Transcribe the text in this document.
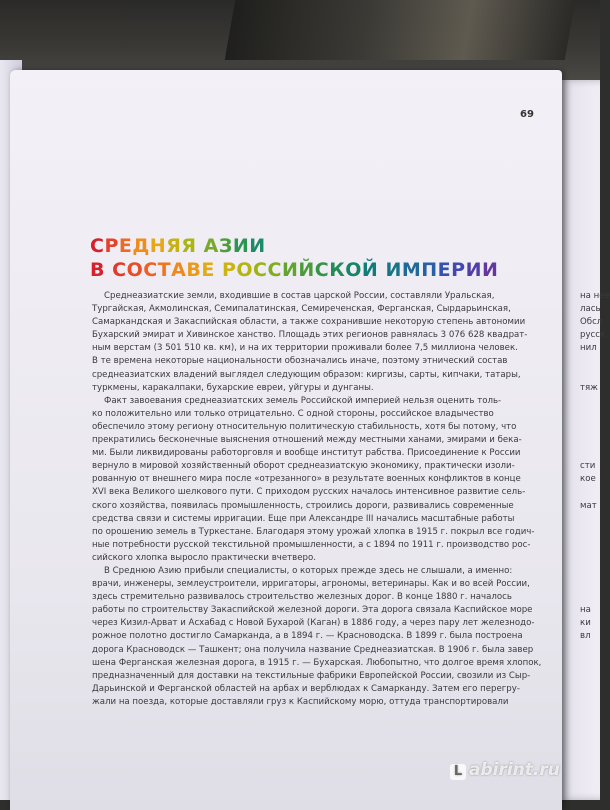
на нее
лась
Обсл
русск
нил

тяж

сти
кое

мат

на
ки
вл

69
СРЕДНЯЯ АЗИИ
В СОСТАВЕ РОССИЙСКОЙ ИМПЕРИИ
Среднеазиатские земли, входившие в состав царской России, составляли Уральская,
Тургайская, Акмолинская, Семипалатинская, Семиреченская, Ферганская, Сырдарьинская,
Самаркандская и Закаспийская области, а также сохранившие некоторую степень автономии
Бухарский эмират и Хивинское ханство. Площадь этих регионов равнялась 3 076 628 квадрат-
ным верстам (3 501 510 кв. км), и на их территории проживали более 7,5 миллиона человек.
В те времена некоторые национальности обозначались иначе, поэтому этнический состав
среднеазиатских владений выглядел следующим образом: киргизы, сарты, кипчаки, татары,
туркмены, каракалпаки, бухарские евреи, уйгуры и дунганы.
Факт завоевания среднеазиатских земель Российской империей нельзя оценить толь-
ко положительно или только отрицательно. С одной стороны, российское владычество
обеспечило этому региону относительную политическую стабильность, хотя бы потому, что
прекратились бесконечные выяснения отношений между местными ханами, эмирами и бека-
ми. Были ликвидированы работорговля и вообще институт рабства. Присоединение к России
вернуло в мировой хозяйственный оборот среднеазиатскую экономику, практически изоли-
рованную от внешнего мира после «отрезанного» в результате военных конфликтов в конце
XVI века Великого шелкового пути. С приходом русских началось интенсивное развитие сель-
ского хозяйства, появилась промышленность, строились дороги, развивались современные
средства связи и системы ирригации. Еще при Александре III начались масштабные работы
по орошению земель в Туркестане. Благодаря этому урожай хлопка в 1915 г. покрыл все годич-
ные потребности русской текстильной промышленности, а с 1894 по 1911 г. производство рос-
сийского хлопка выросло практически вчетверо.
В Среднюю Азию прибыли специалисты, о которых прежде здесь не слышали, а именно:
врачи, инженеры, землеустроители, ирригаторы, агрономы, ветеринары. Как и во всей России,
здесь стремительно развивалось строительство железных дорог. В конце 1880 г. началось
работы по строительству Закаспийской железной дороги. Эта дорога связала Каспийское море
через Кизил-Арват и Асхабад с Новой Бухарой (Каган) в 1886 году, а через пару лет железнодо-
рожное полотно достигло Самарканда, а в 1894 г. — Красноводска. В 1899 г. была построена
дорога Красноводск — Ташкент; она получила название Среднеазиатская. В 1906 г. была завер
шена Ферганская железная дорога, в 1915 г. — Бухарская. Любопытно, что долгое время хлопок,
предназначенный для доставки на текстильные фабрики Европейской России, свозили из Сыр-
Дарьинской и Ферганской областей на арбах и верблюдах к Самарканду. Затем его перегру-
жали на поезда, которые доставляли груз к Каспийскому морю, оттуда транспортировали
L abirint.ru
